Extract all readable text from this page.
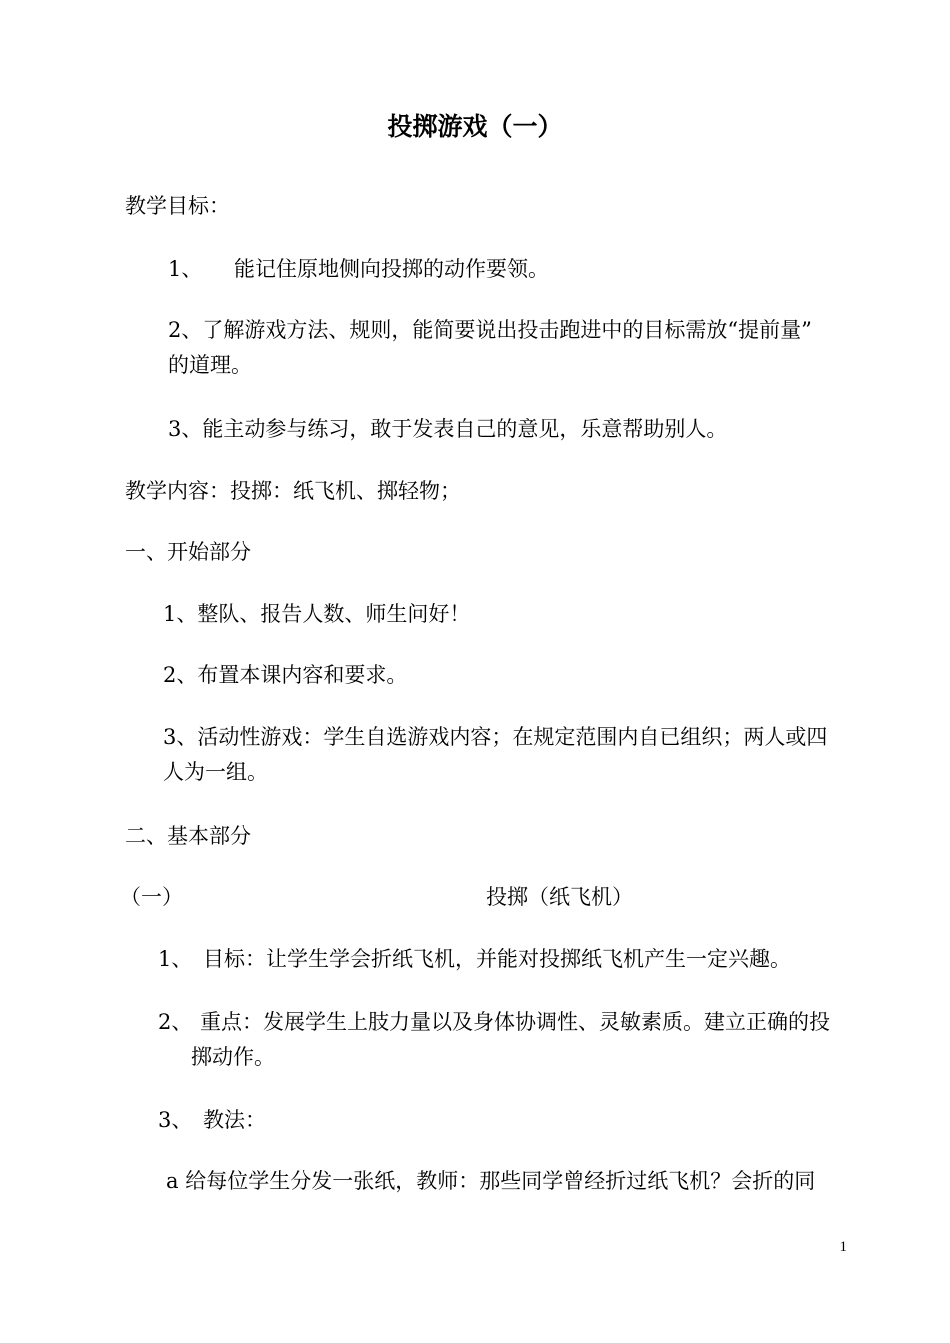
投掷游戏（一）
教学目标：
1、 能记住原地侧向投掷的动作要领。
2、了解游戏方法、规则，能简要说出投击跑进中的目标需放“提前量”
的道理。
3、能主动参与练习，敢于发表自己的意见，乐意帮助别人。
教学内容：投掷：纸飞机、掷轻物；
一、开始部分
1、整队、报告人数、师生问好！
2、布置本课内容和要求。
3、活动性游戏：学生自选游戏内容；在规定范围内自已组织；两人或四
人为一组。
二、基本部分
（一）	投掷（纸飞机）
1、 目标：让学生学会折纸飞机，并能对投掷纸飞机产生一定兴趣。
2、 重点：发展学生上肢力量以及身体协调性、灵敏素质。建立正确的投
掷动作。
3、 教法：
a 给每位学生分发一张纸，教师：那些同学曾经折过纸飞机？会折的同
1
